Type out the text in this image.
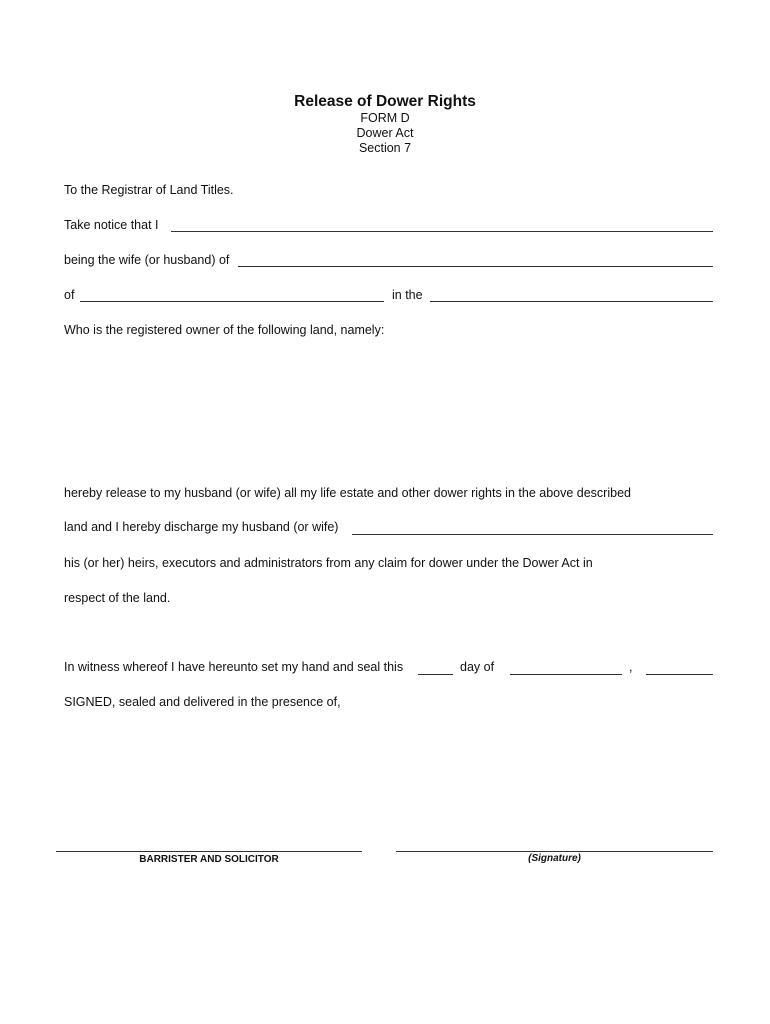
Release of Dower Rights
FORM D
Dower Act
Section 7
To the Registrar of Land Titles.
Take notice that I
being the wife (or husband) of
of	in the
Who is the registered owner of the following land, namely:
hereby release to my husband (or wife) all my life estate and other dower rights in the above described
land and I hereby discharge my husband (or wife)
his (or her) heirs, executors and administrators from any claim for dower under the Dower Act in
respect of the land.
In witness whereof I have hereunto set my hand and seal this	day of	,
SIGNED, sealed and delivered in the presence of,
BARRISTER AND SOLICITOR	(Signature)
